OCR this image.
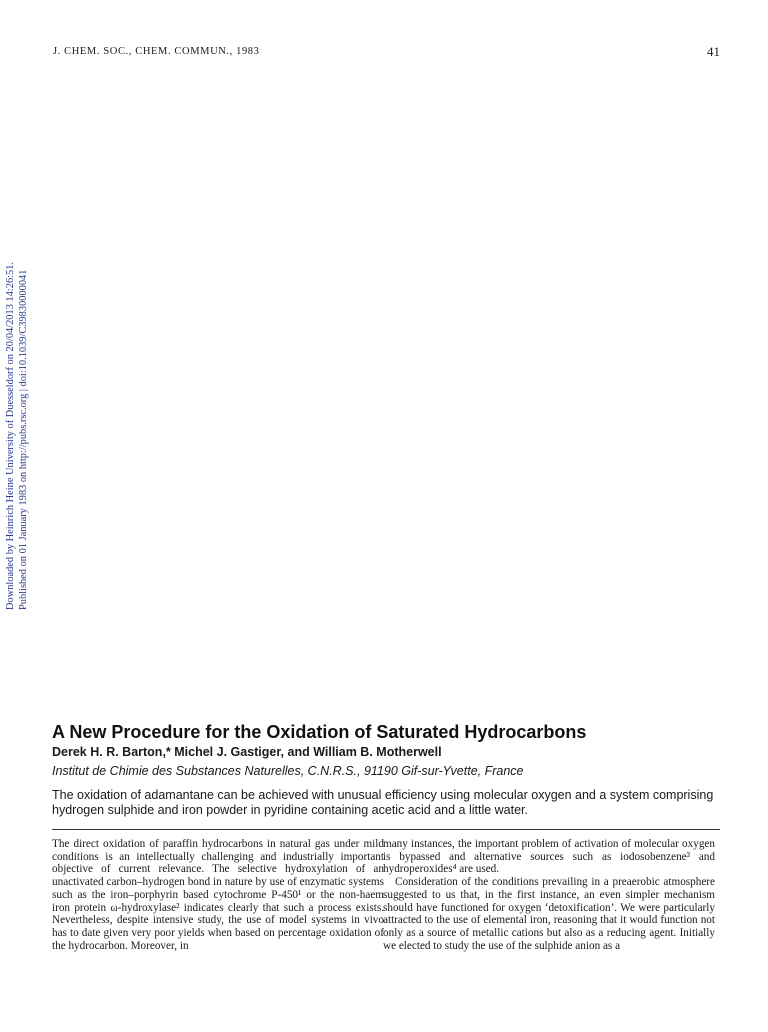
J. CHEM. SOC., CHEM. COMMUN., 1983	41
Downloaded by Heinrich Heine University of Duesseldorf on 20/04/2013 14:26:51. Published on 01 January 1983 on http://pubs.rsc.org | doi:10.1039/C39830000041
A New Procedure for the Oxidation of Saturated Hydrocarbons
Derek H. R. Barton,* Michel J. Gastiger, and William B. Motherwell
Institut de Chimie des Substances Naturelles, C.N.R.S., 91190 Gif-sur-Yvette, France
The oxidation of adamantane can be achieved with unusual efficiency using molecular oxygen and a system comprising hydrogen sulphide and iron powder in pyridine containing acetic acid and a little water.

The direct oxidation of paraffin hydrocarbons in natural gas under mild conditions is an intellectually challenging and industrially important objective of current relevance. The selective hydroxylation of an unactivated carbon–hydrogen bond in nature by use of enzymatic systems such as the iron–porphyrin based cytochrome P-450¹ or the non-haem iron protein ω-hydroxylase² indicates clearly that such a process exists. Nevertheless, despite intensive study, the use of model systems in vivo has to date given very poor yields when based on percentage oxidation of the hydrocarbon. Moreover, in

many instances, the important problem of activation of molecular oxygen is bypassed and alternative sources such as iodosobenzene³ and hydroperoxides⁴ are used.

Consideration of the conditions prevailing in a preaerobic atmosphere suggested to us that, in the first instance, an even simpler mechanism should have functioned for oxygen ‘detoxification’. We were particularly attracted to the use of elemental iron, reasoning that it would function not only as a source of metallic cations but also as a reducing agent. Initially we elected to study the use of the sulphide anion as a
